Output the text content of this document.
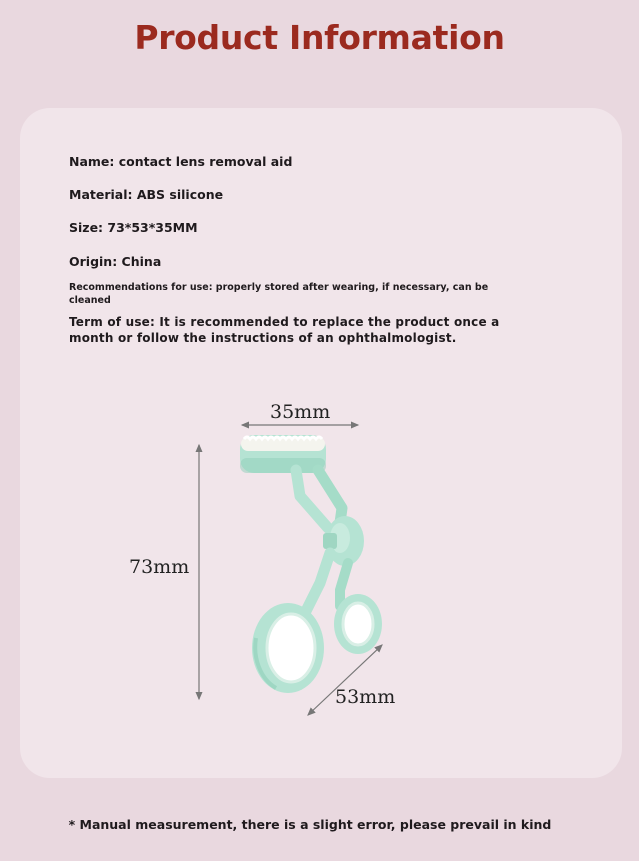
Product Information

Name: contact lens removal aid

Material: ABS silicone

Size: 73*53*35MM

Origin: China

Recommendations for use: properly stored after wearing, if necessary, can be cleaned

Term of use: It is recommended to replace the product once a month or follow the instructions of an ophthalmologist.

35mm
73mm
53mm
* Manual measurement, there is a slight error, please prevail in kind
